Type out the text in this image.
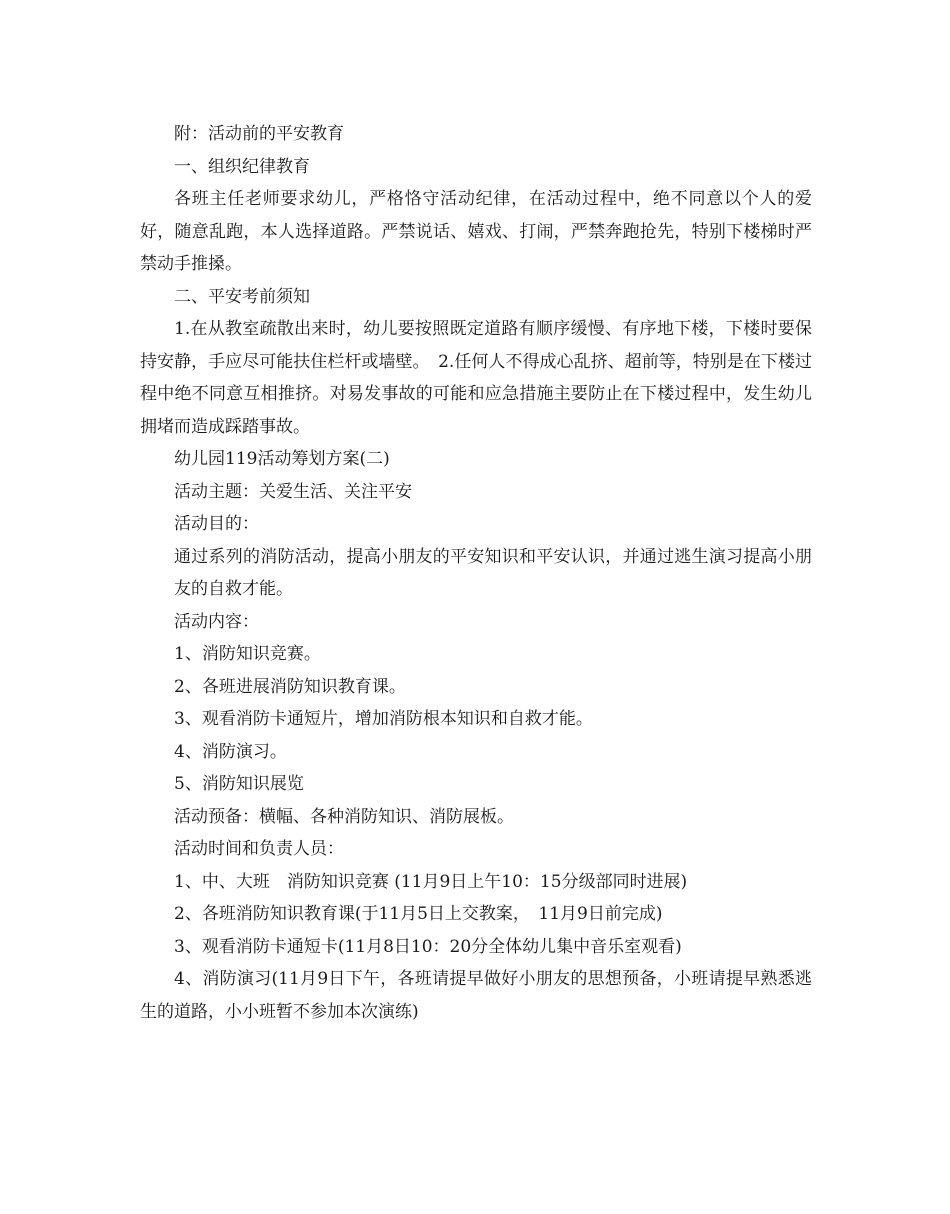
附：活动前的平安教育

一、组织纪律教育

各班主任老师要求幼儿，严格恪守活动纪律，在活动过程中，绝不同意以个人的爱好，随意乱跑，本人选择道路。严禁说话、嬉戏、打闹，严禁奔跑抢先，特别下楼梯时严禁动手推搡。

二、平安考前须知

1.在从教室疏散出来时，幼儿要按照既定道路有顺序缓慢、有序地下楼，下楼时要保持安静，手应尽可能扶住栏杆或墙壁。　2.任何人不得成心乱挤、超前等，特别是在下楼过程中绝不同意互相推挤。对易发事故的可能和应急措施主要防止在下楼过程中，发生幼儿拥堵而造成踩踏事故。

幼儿园119活动筹划方案(二)

活动主题：关爱生活、关注平安

活动目的：

通过系列的消防活动，提高小朋友的平安知识和平安认识，并通过逃生演习提高小朋友的自救才能。

活动内容：

1、消防知识竞赛。

2、各班进展消防知识教育课。

3、观看消防卡通短片，增加消防根本知识和自救才能。

4、消防演习。

5、消防知识展览

活动预备：横幅、各种消防知识、消防展板。

活动时间和负责人员：

1、中、大班　消防知识竞赛 (11月9日上午10：15分级部同时进展)

2、各班消防知识教育课(于11月5日上交教案，　11月9日前完成)

3、观看消防卡通短卡(11月8日10：20分全体幼儿集中音乐室观看)

4、消防演习(11月9日下午，各班请提早做好小朋友的思想预备，小班请提早熟悉逃生的道路，小小班暂不参加本次演练)
